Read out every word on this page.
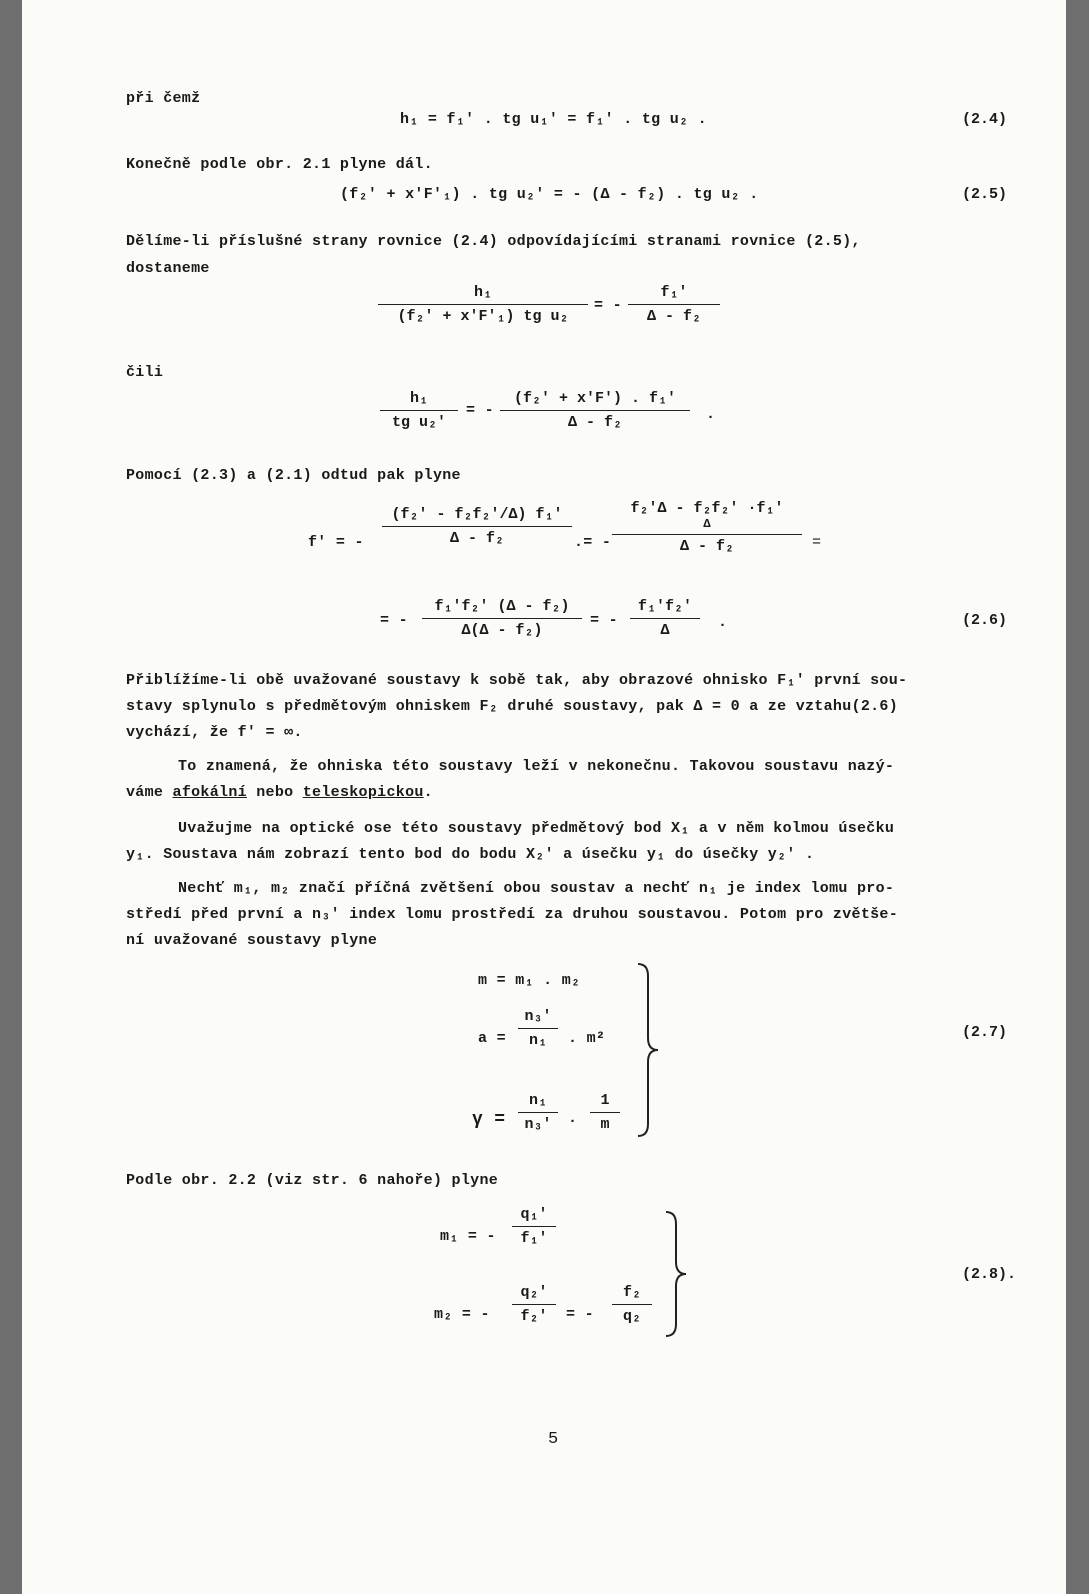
při čemž
h₁ = f₁' . tg u₁' = f₁' . tg u₂ .	(2.4)
Konečně podle obr. 2.1 plyne dál.
(f₂' + x'F'₁) . tg u₂' = - (Δ - f₂) . tg u₂ .	(2.5)
Dělíme-li příslušné strany rovnice (2.4) odpovídajícími stranami rovnice (2.5),
dostaneme
$\frac{\text{h₁}}{\text{(f₂' + x'F'₁) tg u₂}}$ = - $\frac{\text{f₁'}}{\text{Δ - f₂}}$
čili
$\frac{\text{h₁}}{\text{tg u₂'}}$ = - $\frac{\text{(f₂' + x'F') . f₁'}}{\text{Δ - f₂}}$ .
Pomocí (2.3) a (2.1) odtud pak plyne
f' = - $\frac{\text{(f₂' - f₂f₂'/Δ) f₁'}}{\text{Δ - f₂}}$ .= -
f₂'Δ - f₂f₂' ·f₁'
Δ
Δ - f₂	=
= - $\frac{\text{f₁'f₂' (Δ - f₂)}}{\text{Δ(Δ - f₂)}}$ = - $\frac{\text{f₁'f₂'}}{\Delta}$ .	(2.6)
Přiblížíme-li obě uvažované soustavy k sobě tak, aby obrazové ohnisko F₁' první sou-
stavy splynulo s předmětovým ohniskem F₂ druhé soustavy, pak Δ = 0 a ze vztahu(2.6)
vychází, že f' = ∞.
To znamená, že ohniska této soustavy leží v nekonečnu. Takovou soustavu nazý-
váme afokální nebo teleskopickou.
Uvažujme na optické ose této soustavy předmětový bod X₁ a v něm kolmou úsečku
y₁. Soustava nám zobrazí tento bod do bodu X₂' a úsečku y₁ do úsečky y₂' .
Nechť m₁, m₂ značí příčná zvětšení obou soustav a nechť n₁ je index lomu pro-
středí před první a n₃' index lomu prostředí za druhou soustavou. Potom pro zvětše-
ní uvažované soustavy plyne
m = m₁ . m₂
$a = \frac{\text{n₃'}}{\text{n₁}}$ . m²
$\gamma = \frac{\text{n₁}}{\text{n₃'}}$ . $\frac{1}{m}$
(2.7)
Podle obr. 2.2 (viz str. 6 nahoře) plyne
m₁ = - $\frac{\text{q₁'}}{\text{f₁'}}$
m₂ = - $\frac{\text{q₂'}}{\text{f₂'}}$ = - $\frac{\text{f₂}}{\text{q₂}}$
(2.8).
5
